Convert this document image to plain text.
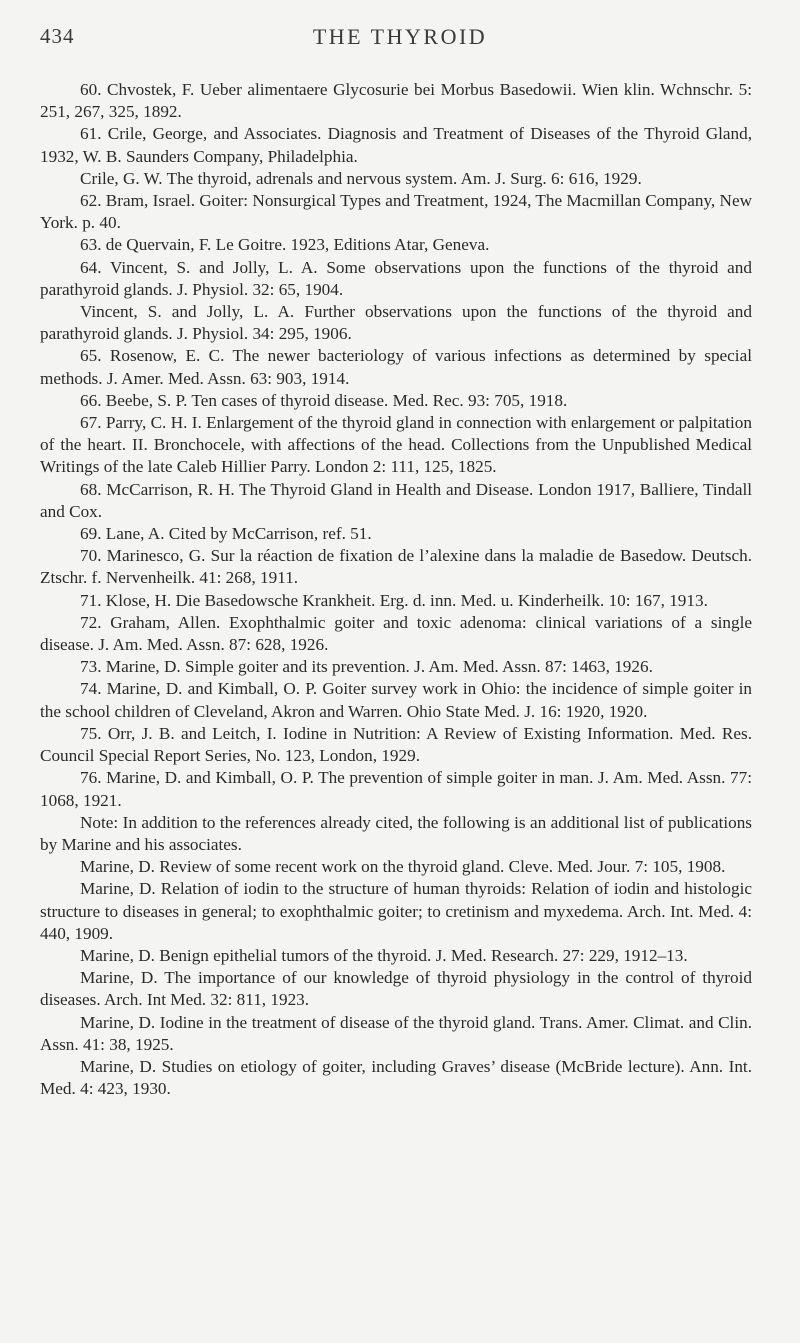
434	THE THYROID

60. Chvostek, F. Ueber alimentaere Glycosurie bei Morbus Basedowii. Wien klin. Wchnschr. 5: 251, 267, 325, 1892.

61. Crile, George, and Associates. Diagnosis and Treatment of Diseases of the Thyroid Gland, 1932, W. B. Saunders Company, Philadelphia.

Crile, G. W. The thyroid, adrenals and nervous system. Am. J. Surg. 6: 616, 1929.

62. Bram, Israel. Goiter: Nonsurgical Types and Treatment, 1924, The Macmillan Company, New York. p. 40.

63. de Quervain, F. Le Goitre. 1923, Editions Atar, Geneva.

64. Vincent, S. and Jolly, L. A. Some observations upon the functions of the thyroid and parathyroid glands. J. Physiol. 32: 65, 1904.

Vincent, S. and Jolly, L. A. Further observations upon the functions of the thyroid and parathyroid glands. J. Physiol. 34: 295, 1906.

65. Rosenow, E. C. The newer bacteriology of various infections as determined by special methods. J. Amer. Med. Assn. 63: 903, 1914.

66. Beebe, S. P. Ten cases of thyroid disease. Med. Rec. 93: 705, 1918.

67. Parry, C. H. I. Enlargement of the thyroid gland in connection with enlargement or palpitation of the heart. II. Bronchocele, with affections of the head. Collections from the Unpublished Medical Writings of the late Caleb Hillier Parry. London 2: 111, 125, 1825.

68. McCarrison, R. H. The Thyroid Gland in Health and Disease. London 1917, Balliere, Tindall and Cox.

69. Lane, A. Cited by McCarrison, ref. 51.

70. Marinesco, G. Sur la réaction de fixation de l’alexine dans la maladie de Basedow. Deutsch. Ztschr. f. Nervenheilk. 41: 268, 1911.

71. Klose, H. Die Basedowsche Krankheit. Erg. d. inn. Med. u. Kinderheilk. 10: 167, 1913.

72. Graham, Allen. Exophthalmic goiter and toxic adenoma: clinical variations of a single disease. J. Am. Med. Assn. 87: 628, 1926.

73. Marine, D. Simple goiter and its prevention. J. Am. Med. Assn. 87: 1463, 1926.

74. Marine, D. and Kimball, O. P. Goiter survey work in Ohio: the incidence of simple goiter in the school children of Cleveland, Akron and Warren. Ohio State Med. J. 16: 1920, 1920.

75. Orr, J. B. and Leitch, I. Iodine in Nutrition: A Review of Existing Information. Med. Res. Council Special Report Series, No. 123, London, 1929.

76. Marine, D. and Kimball, O. P. The prevention of simple goiter in man. J. Am. Med. Assn. 77: 1068, 1921.

Note: In addition to the references already cited, the following is an additional list of publications by Marine and his associates.

Marine, D. Review of some recent work on the thyroid gland. Cleve. Med. Jour. 7: 105, 1908.

Marine, D. Relation of iodin to the structure of human thyroids: Relation of iodin and histologic structure to diseases in general; to exophthalmic goiter; to cretinism and myxedema. Arch. Int. Med. 4: 440, 1909.

Marine, D. Benign epithelial tumors of the thyroid. J. Med. Research. 27: 229, 1912–13.

Marine, D. The importance of our knowledge of thyroid physiology in the control of thyroid diseases. Arch. Int Med. 32: 811, 1923.

Marine, D. Iodine in the treatment of disease of the thyroid gland. Trans. Amer. Climat. and Clin. Assn. 41: 38, 1925.

Marine, D. Studies on etiology of goiter, including Graves’ disease (McBride lecture). Ann. Int. Med. 4: 423, 1930.
